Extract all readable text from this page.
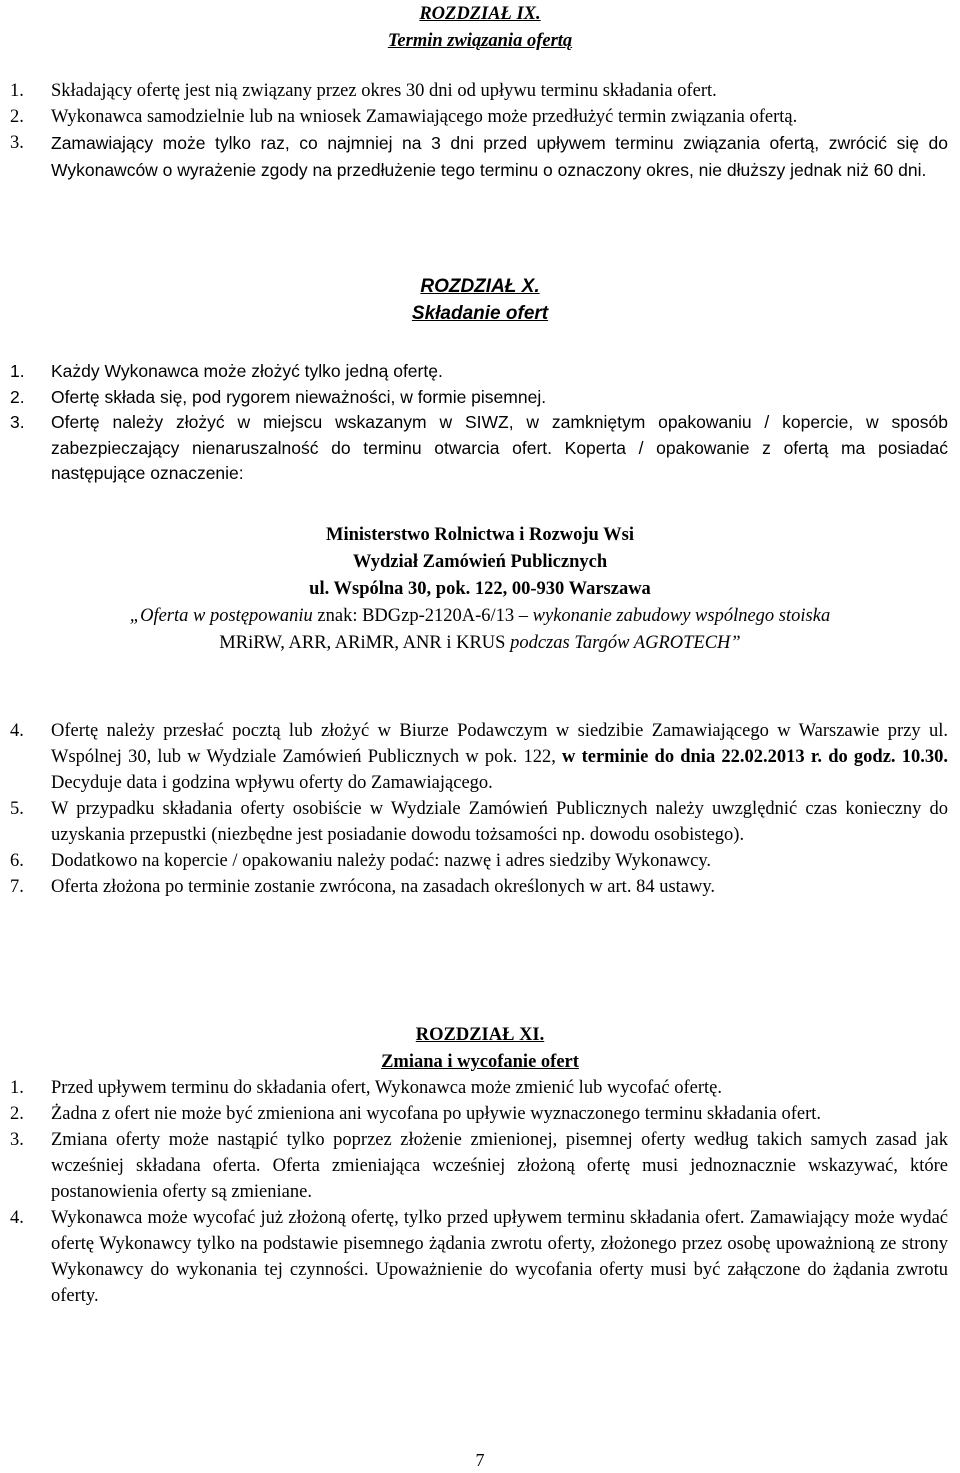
ROZDZIAŁ IX.
Termin związania ofertą
1. Składający ofertę jest nią związany przez okres 30 dni od upływu terminu składania ofert.
2. Wykonawca samodzielnie lub na wniosek Zamawiającego może przedłużyć termin związania ofertą.
3. Zamawiający może tylko raz, co najmniej na 3 dni przed upływem terminu związania ofertą, zwrócić się do Wykonawców o wyrażenie zgody na przedłużenie tego terminu o oznaczony okres, nie dłuższy jednak niż 60 dni.
ROZDZIAŁ X.
Składanie ofert
1. Każdy Wykonawca może złożyć tylko jedną ofertę.
2. Ofertę składa się, pod rygorem nieważności, w formie pisemnej.
3. Ofertę należy złożyć w miejscu wskazanym w SIWZ, w zamkniętym opakowaniu / kopercie, w sposób zabezpieczający nienaruszalność do terminu otwarcia ofert. Koperta / opakowanie z ofertą ma posiadać następujące oznaczenie:
Ministerstwo Rolnictwa i Rozwoju Wsi
Wydział Zamówień Publicznych
ul. Wspólna 30, pok. 122, 00-930 Warszawa
„Oferta w postępowaniu znak: BDGzp-2120A-6/13 – wykonanie zabudowy wspólnego stoiska
MRiRW, ARR, ARiMR, ANR i KRUS podczas Targów AGROTECH”
4. Ofertę należy przesłać pocztą lub złożyć w Biurze Podawczym w siedzibie Zamawiającego w Warszawie przy ul. Wspólnej 30, lub w Wydziale Zamówień Publicznych w pok. 122, w terminie do dnia 22.02.2013 r. do godz. 10.30. Decyduje data i godzina wpływu oferty do Zamawiającego.
5. W przypadku składania oferty osobiście w Wydziale Zamówień Publicznych należy uwzględnić czas konieczny do uzyskania przepustki (niezbędne jest posiadanie dowodu tożsamości np. dowodu osobistego).
6. Dodatkowo na kopercie / opakowaniu należy podać: nazwę i adres siedziby Wykonawcy.
7. Oferta złożona po terminie zostanie zwrócona, na zasadach określonych w art. 84 ustawy.
ROZDZIAŁ XI.
Zmiana i wycofanie ofert
1. Przed upływem terminu do składania ofert, Wykonawca może zmienić lub wycofać ofertę.
2. Żadna z ofert nie może być zmieniona ani wycofana po upływie wyznaczonego terminu składania ofert.
3. Zmiana oferty może nastąpić tylko poprzez złożenie zmienionej, pisemnej oferty według takich samych zasad jak wcześniej składana oferta. Oferta zmieniająca wcześniej złożoną ofertę musi jednoznacznie wskazywać, które postanowienia oferty są zmieniane.
4. Wykonawca może wycofać już złożoną ofertę, tylko przed upływem terminu składania ofert. Zamawiający może wydać ofertę Wykonawcy tylko na podstawie pisemnego żądania zwrotu oferty, złożonego przez osobę upoważnioną ze strony Wykonawcy do wykonania tej czynności. Upoważnienie do wycofania oferty musi być załączone do żądania zwrotu oferty.
7
